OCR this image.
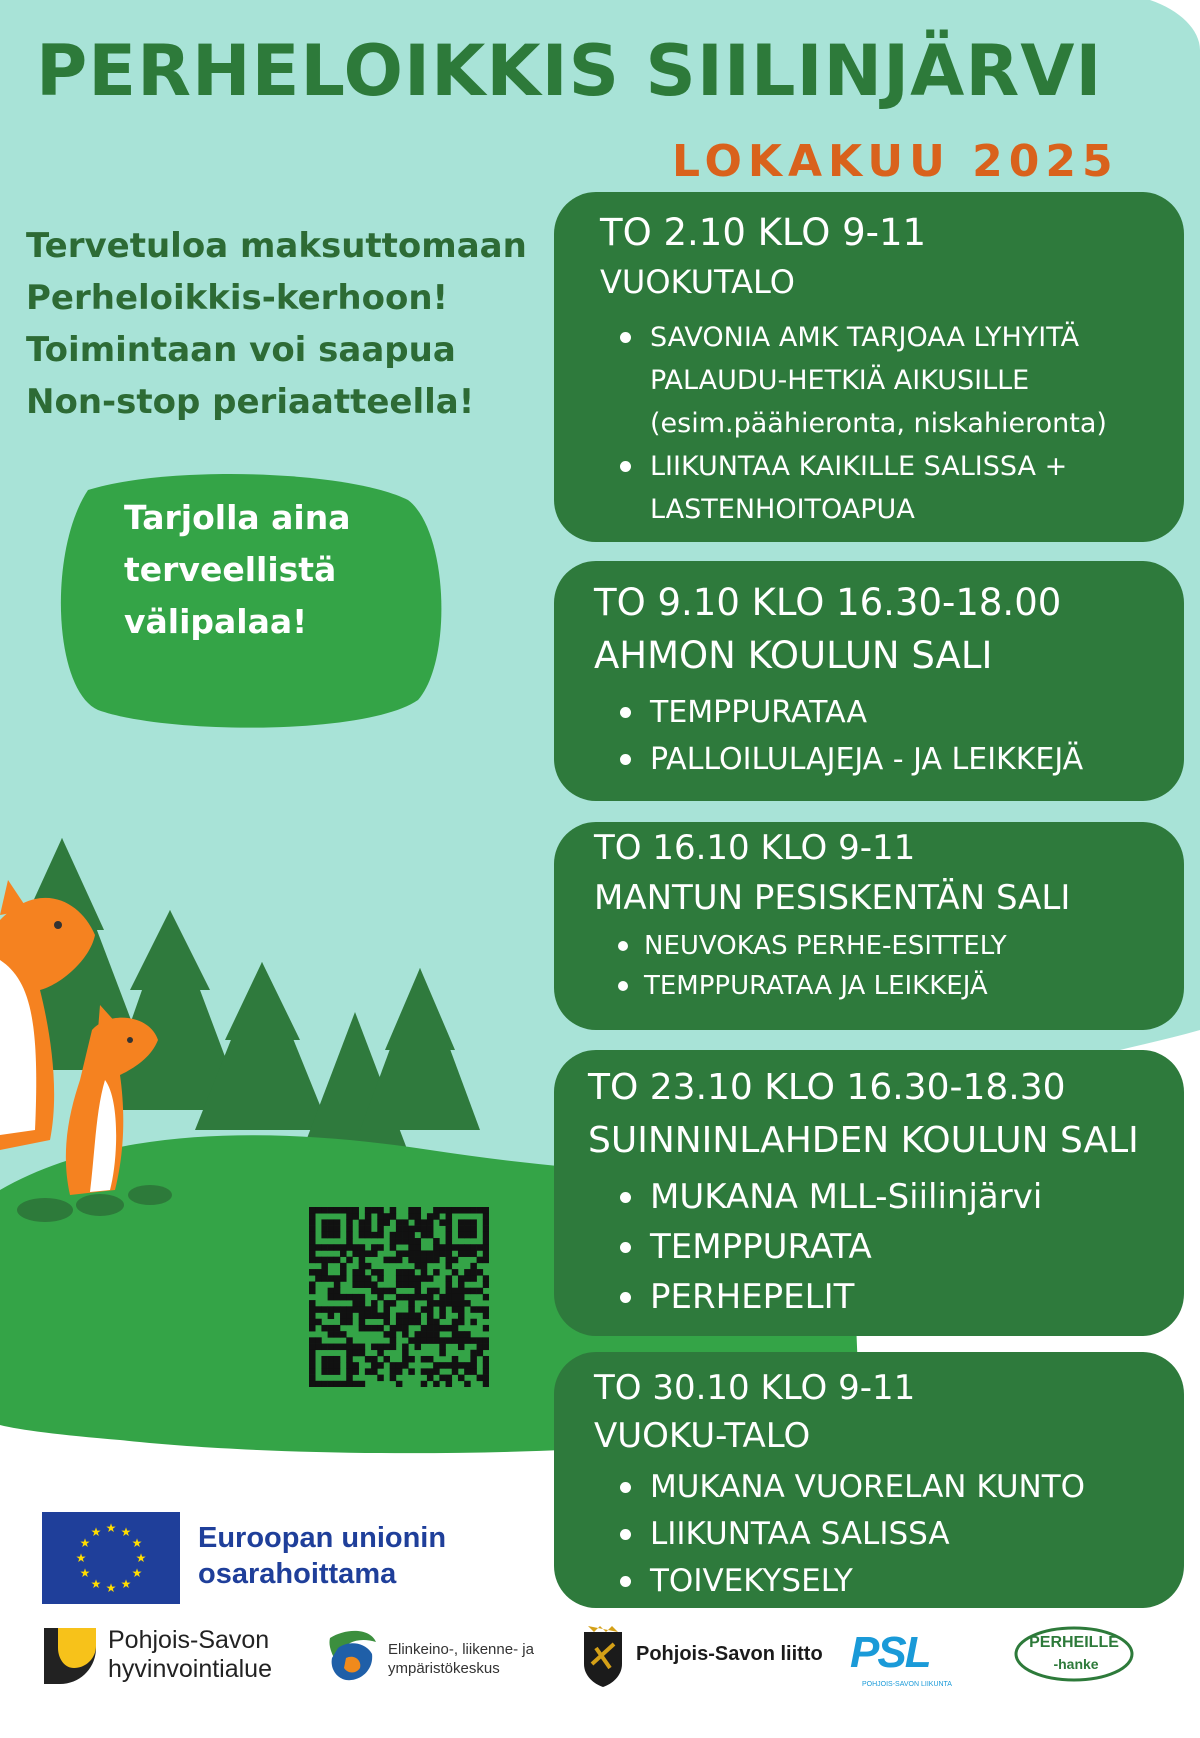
PERHELOIKKIS SIILINJÄRVI
LOKAKUU 2025
Tervetuloa maksuttomaan
Perheloikkis-kerhoon!
Toimintaan voi saapua
Non-stop periaatteella!
Tarjolla aina
terveellistä
välipalaa!
TO 2.10 KLO 9-11
VUOKUTALO
SAVONIA AMK TARJOAA LYHYITÄ
PALAUDU-HETKIÄ AIKUSILLE
(esim.päähieronta, niskahieronta)
LIIKUNTAA KAIKILLE SALISSA +
LASTENHOITOAPUA
TO 9.10 KLO 16.30-18.00
AHMON KOULUN SALI
TEMPPURATAA
PALLOILULAJEJA - JA LEIKKEJÄ
TO 16.10 KLO 9-11
MANTUN PESISKENTÄN SALI
NEUVOKAS PERHE-ESITTELY
TEMPPURATAA JA LEIKKEJÄ
TO 23.10 KLO 16.30-18.30
SUINNINLAHDEN KOULUN SALI
MUKANA MLL-Siilinjärvi
TEMPPURATA
PERHEPELIT
TO 30.10 KLO 9-11
VUOKU-TALO
MUKANA VUORELAN KUNTO
LIIKUNTAA SALISSA
TOIVEKYSELY
★ ★
★
★
★
★
★
★
★
★
★
★	Euroopan unionin
osarahoittama
Pohjois-Savon
hyvinvointialue
Elinkeino-, liikenne- ja
ympäristökeskus
Pohjois-Savon liitto PSL
POHJOIS-SAVON LIIKUNTA
PERHEILLE
-hanke
